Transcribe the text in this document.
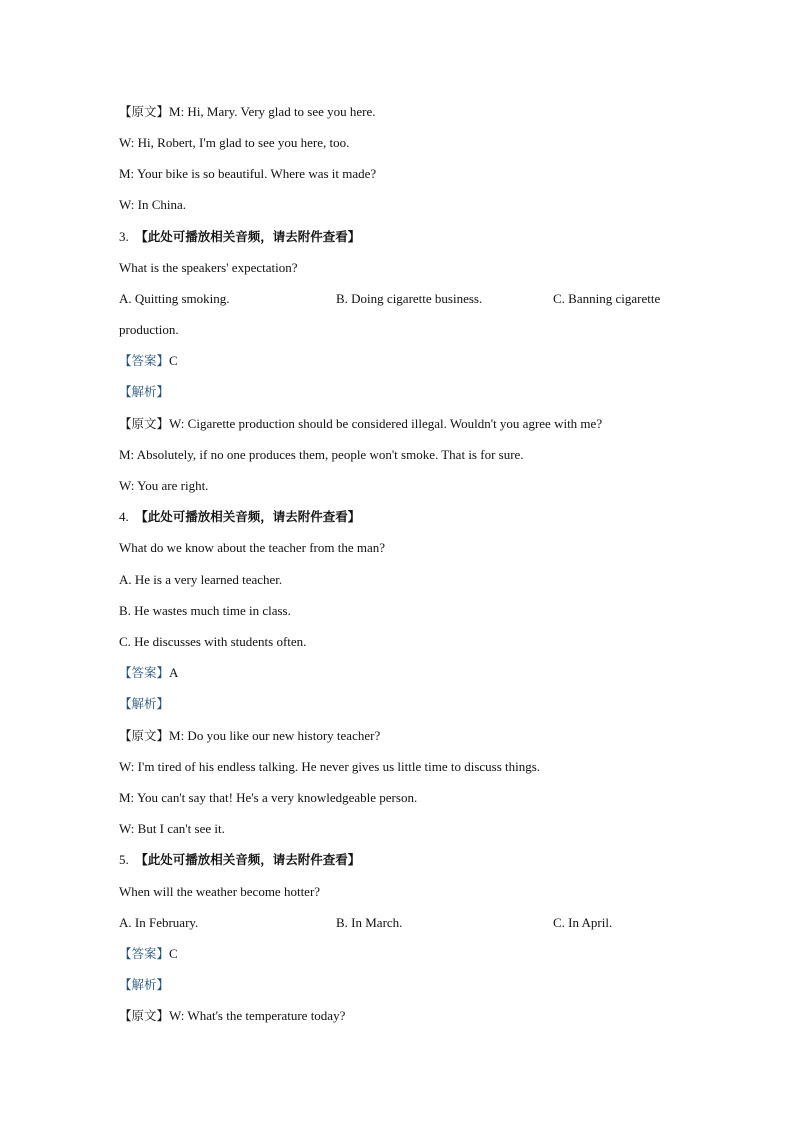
【原文】M: Hi, Mary. Very glad to see you here.
W: Hi, Robert, I'm glad to see you here, too.
M: Your bike is so beautiful. Where was it made?
W: In China.
3. 【此处可播放相关音频，请去附件查看】
What is the speakers' expectation?
A. Quitting smoking.	B. Doing cigarette business.	C. Banning cigarette
production.
【答案】C
【解析】
【原文】W: Cigarette production should be considered illegal. Wouldn't you agree with me?
M: Absolutely, if no one produces them, people won't smoke. That is for sure.
W: You are right.
4. 【此处可播放相关音频，请去附件查看】
What do we know about the teacher from the man?
A. He is a very learned teacher.
B. He wastes much time in class.
C. He discusses with students often.
【答案】A
【解析】
【原文】M: Do you like our new history teacher?
W: I'm tired of his endless talking. He never gives us little time to discuss things.
M: You can't say that! He's a very knowledgeable person.
W: But I can't see it.
5. 【此处可播放相关音频，请去附件查看】
When will the weather become hotter?
A. In February.	B. In March.	C. In April.
【答案】C
【解析】
【原文】W: What's the temperature today?
